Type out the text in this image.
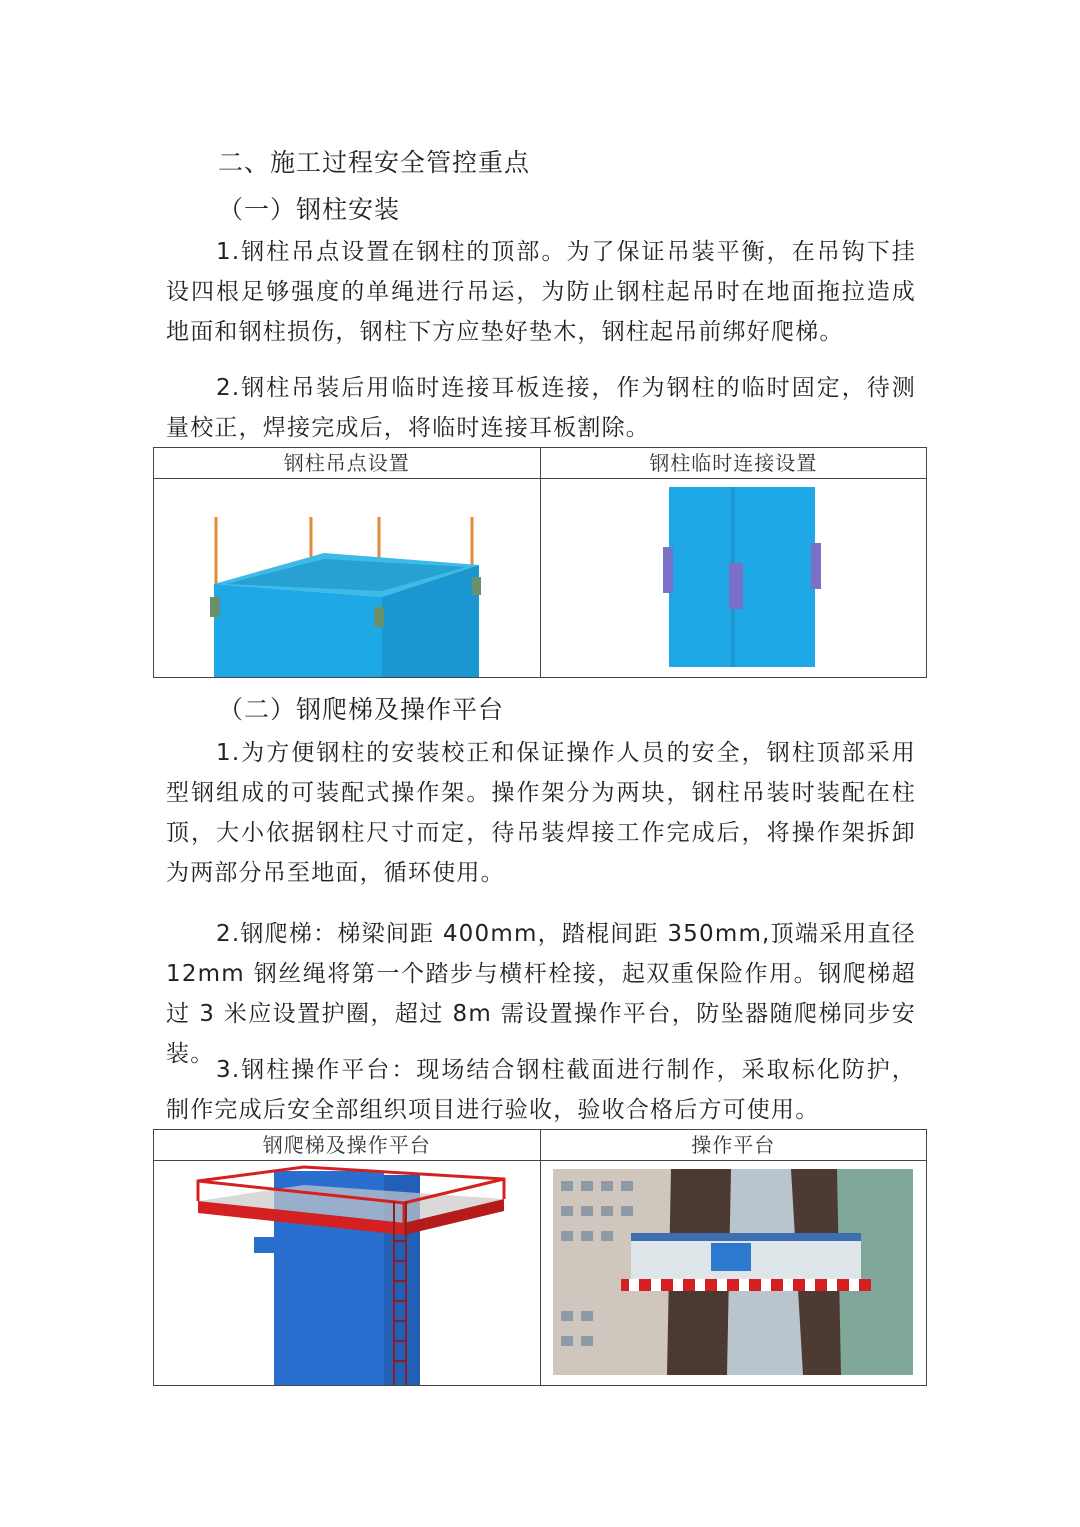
二、施工过程安全管控重点
（一）钢柱安装

1.钢柱吊点设置在钢柱的顶部。为了保证吊装平衡，在吊钩下挂设四根足够强度的单绳进行吊运，为防止钢柱起吊时在地面拖拉造成地面和钢柱损伤，钢柱下方应垫好垫木，钢柱起吊前绑好爬梯。

2.钢柱吊装后用临时连接耳板连接，作为钢柱的临时固定，待测量校正，焊接完成后，将临时连接耳板割除。

钢柱吊点设置	钢柱临时连接设置

（二）钢爬梯及操作平台

1.为方便钢柱的安装校正和保证操作人员的安全，钢柱顶部采用型钢组成的可装配式操作架。操作架分为两块，钢柱吊装时装配在柱顶，大小依据钢柱尺寸而定，待吊装焊接工作完成后，将操作架拆卸为两部分吊至地面，循环使用。

2.钢爬梯：梯梁间距 400mm，踏棍间距 350mm,顶端采用直径 12mm 钢丝绳将第一个踏步与横杆栓接，起双重保险作用。钢爬梯超过 3 米应设置护圈，超过 8m 需设置操作平台，防坠器随爬梯同步安装。

3.钢柱操作平台：现场结合钢柱截面进行制作，采取标化防护，制作完成后安全部组织项目进行验收，验收合格后方可使用。

钢爬梯及操作平台	操作平台
